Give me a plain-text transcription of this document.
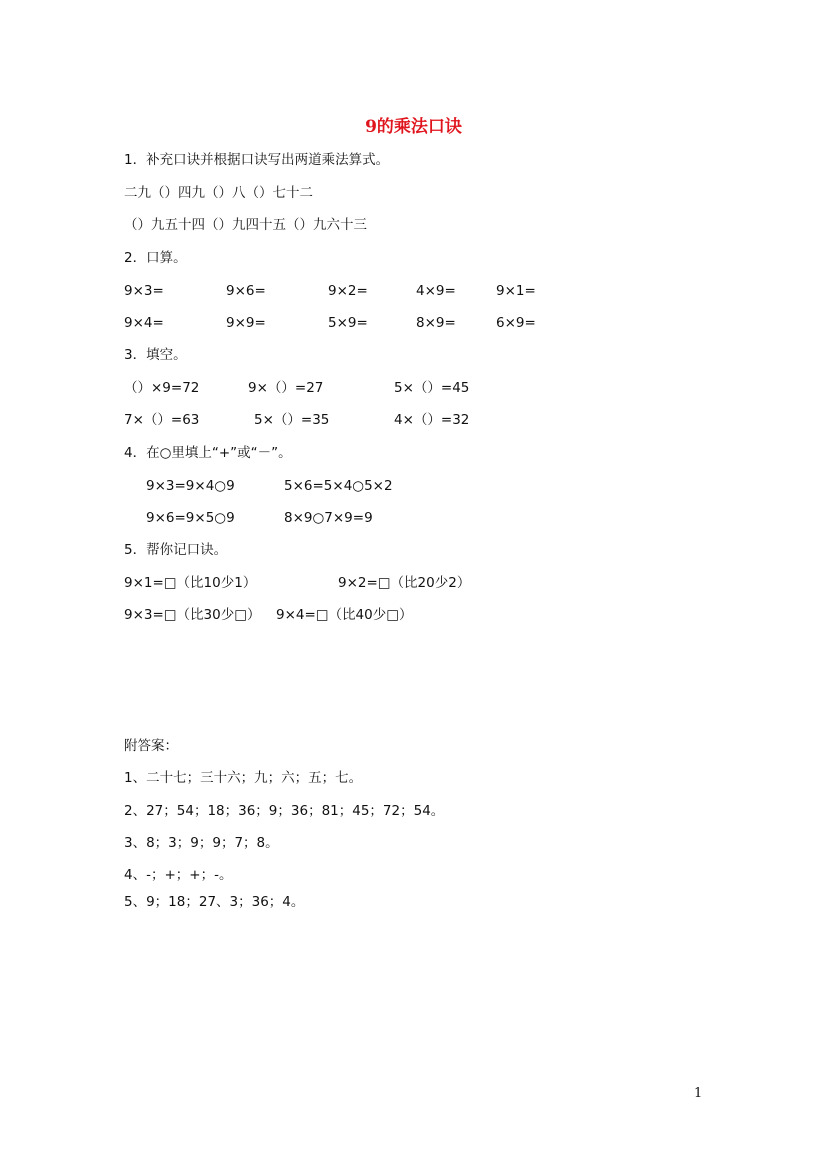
9的乘法口诀
1．补充口诀并根据口诀写出两道乘法算式。
二九（）四九（）八（）七十二
（）九五十四（）九四十五（）九六十三
2．口算。
9×3=	9×6=	9×2=	4×9=	9×1=
9×4=	9×9=	5×9=	8×9=	6×9=
3．填空。
（）×9=72	9×（）=27	5×（）=45
7×（）=63	5×（）=35	4×（）=32
4．在○里填上“+”或“－”。
9×3=9×4○9	5×6=5×4○5×2
9×6=9×5○9	8×9○7×9=9
5．帮你记口诀。
9×1=□（比10少1）	9×2=□（比20少2）
9×3=□（比30少□） 9×4=□（比40少□）
附答案：
1、二十七；三十六；九；六；五；七。
2、27；54；18；36；9；36；81；45；72；54。
3、8；3；9；9；7；8。
4、-；+；+；-。
5、9；18；27、3；36；4。
1
